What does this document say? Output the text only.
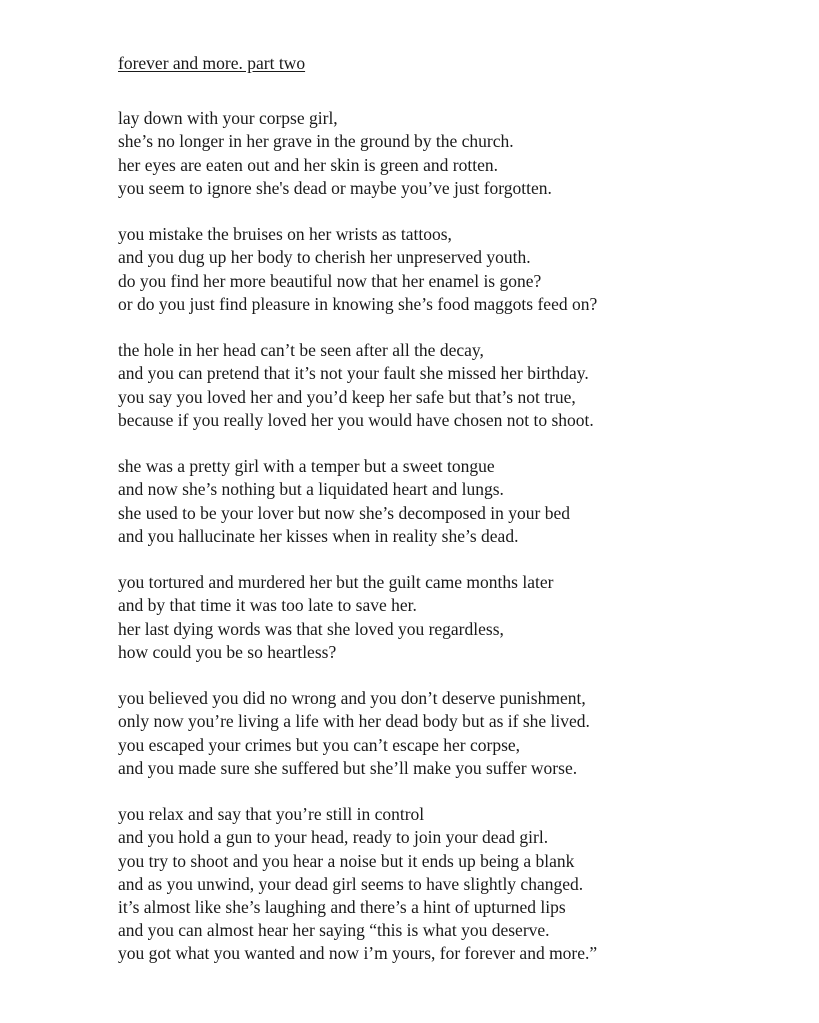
forever and more. part two
lay down with your corpse girl,
she’s no longer in her grave in the ground by the church.
her eyes are eaten out and her skin is green and rotten.
you seem to ignore she's dead or maybe you’ve just forgotten.
you mistake the bruises on her wrists as tattoos,
and you dug up her body to cherish her unpreserved youth.
do you find her more beautiful now that her enamel is gone?
or do you just find pleasure in knowing she’s food maggots feed on?
the hole in her head can’t be seen after all the decay,
and you can pretend that it’s not your fault she missed her birthday.
you say you loved her and you’d keep her safe but that’s not true,
because if you really loved her you would have chosen not to shoot.
she was a pretty girl with a temper but a sweet tongue
and now she’s nothing but a liquidated heart and lungs.
she used to be your lover but now she’s decomposed in your bed
and you hallucinate her kisses when in reality she’s dead.
you tortured and murdered her but the guilt came months later
and by that time it was too late to save her.
her last dying words was that she loved you regardless,
how could you be so heartless?
you believed you did no wrong and you don’t deserve punishment,
only now you’re living a life with her dead body but as if she lived.
you escaped your crimes but you can’t escape her corpse,
and you made sure she suffered but she’ll make you suffer worse.
you relax and say that you’re still in control
and you hold a gun to your head, ready to join your dead girl.
you try to shoot and you hear a noise but it ends up being a blank
and as you unwind, your dead girl seems to have slightly changed.
it’s almost like she’s laughing and there’s a hint of upturned lips
and you can almost hear her saying “this is what you deserve.
you got what you wanted and now i’m yours, for forever and more.”
